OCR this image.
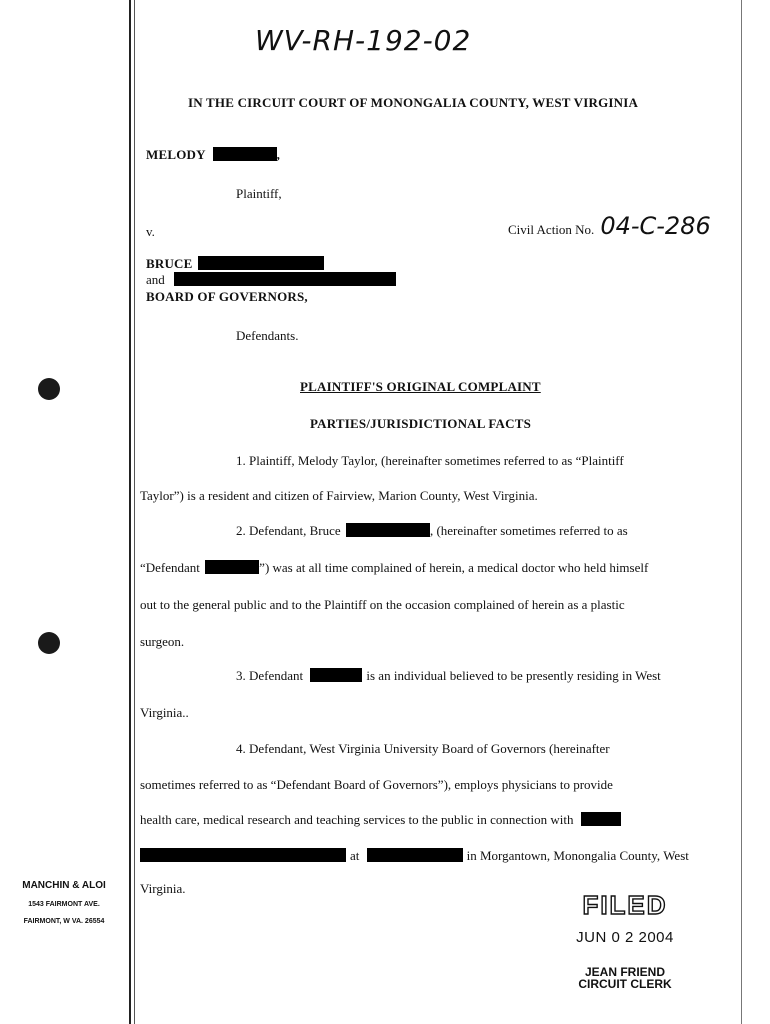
WV-RH-192-02
IN THE CIRCUIT COURT OF MONONGALIA COUNTY, WEST VIRGINIA
MELODY	,
Plaintiff,
v.	Civil Action No. 04-C-286
BRUCE
and
BOARD OF GOVERNORS,
Defendants.
PLAINTIFF'S ORIGINAL COMPLAINT
PARTIES/JURISDICTIONAL FACTS
1. Plaintiff, Melody Taylor, (hereinafter sometimes referred to as “Plaintiff
Taylor”) is a resident and citizen of Fairview, Marion County, West Virginia.
2. Defendant, Bruce	, (hereinafter sometimes referred to as
“Defendant	”) was at all time complained of herein, a medical doctor who held himself
out to the general public and to the Plaintiff on the occasion complained of herein as a plastic
surgeon.
3. Defendant	is an individual believed to be presently residing in West
Virginia..
4. Defendant, West Virginia University Board of Governors (hereinafter
sometimes referred to as “Defendant Board of Governors”), employs physicians to provide
health care, medical research and teaching services to the public in connection with
at	in Morgantown, Monongalia County, West
Virginia.
MANCHIN & ALOI
1543 FAIRMONT AVE.
FAIRMONT, W VA. 26554
FILED
JUN 0 2 2004
JEAN FRIEND
CIRCUIT CLERK
